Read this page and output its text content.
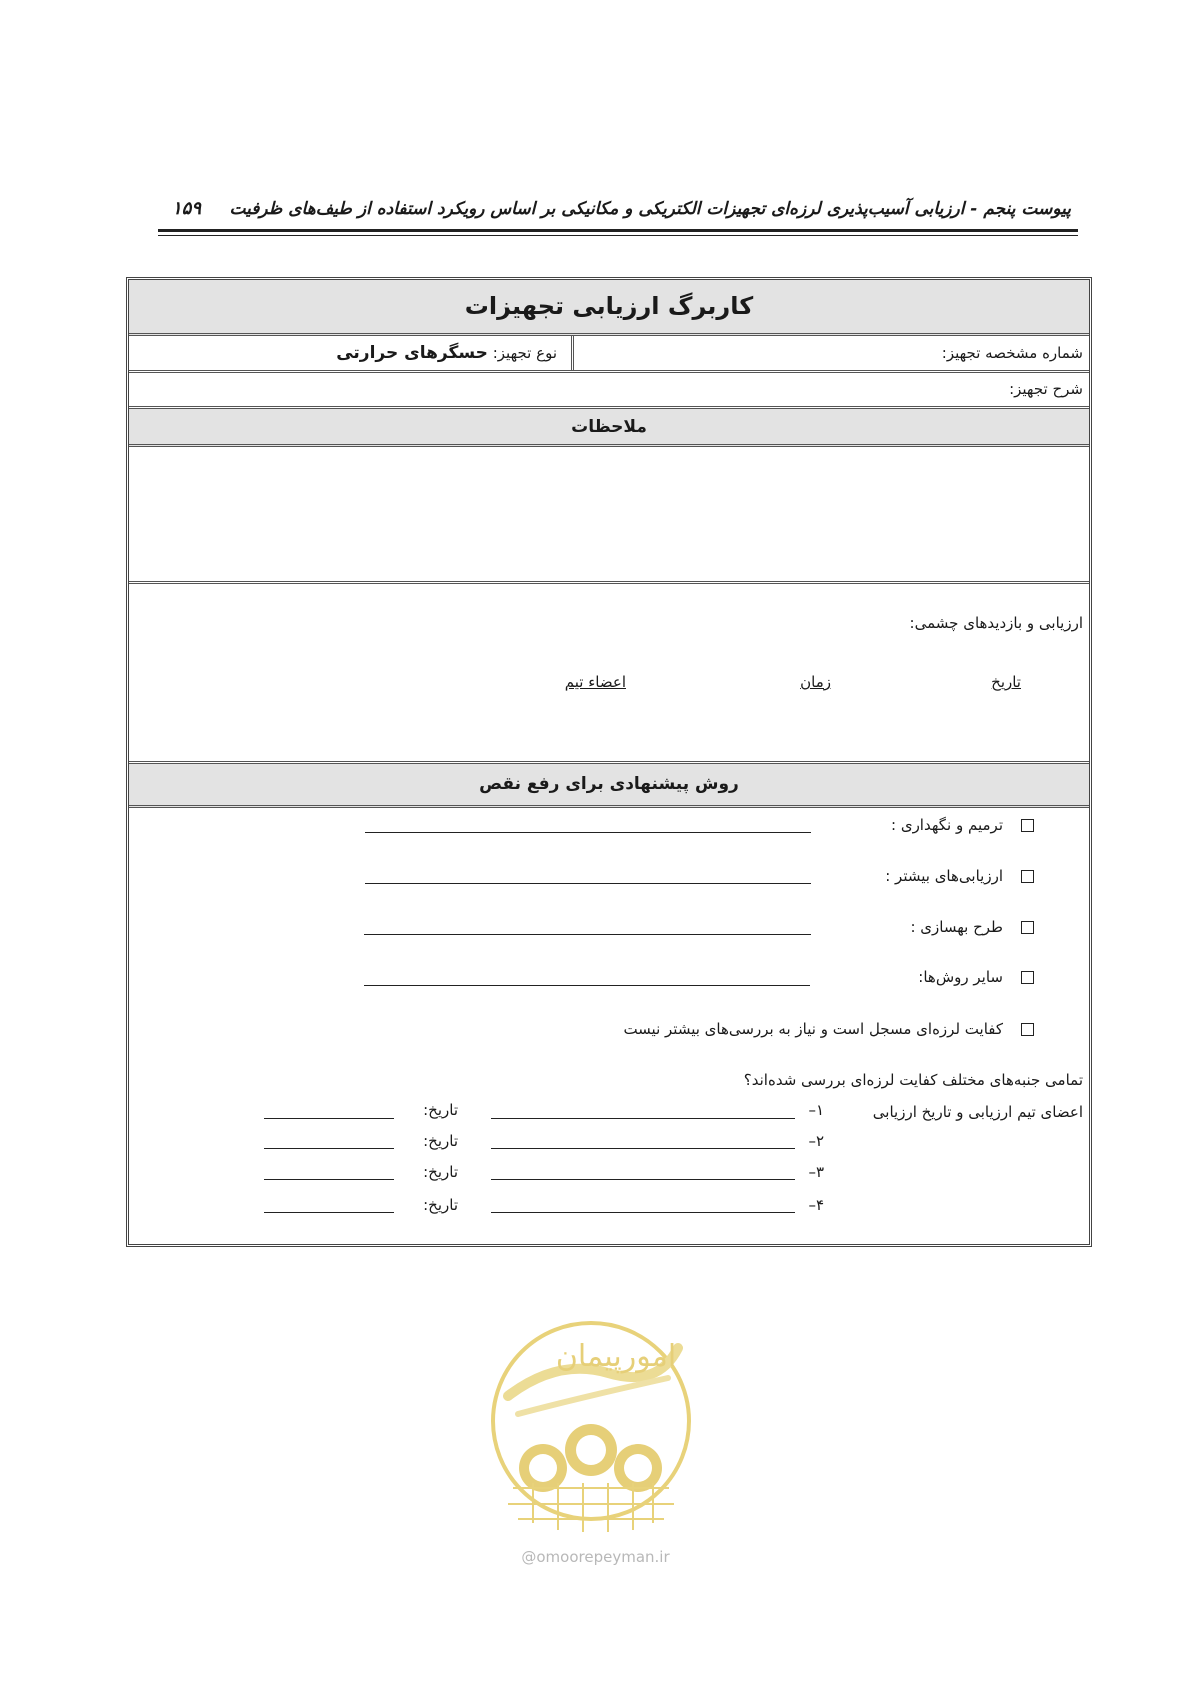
پیوست پنجم - ارزیابی آسیب‌پذیری لرزه‌ای تجهیزات الکتریکی و مکانیکی بر اساس رویکرد استفاده از طیف‌های ظرفیت
۱۵۹
کاربرگ ارزیابی تجهیزات
شماره مشخصه تجهیز:
نوع تجهیز: حسگرهای حرارتی
شرح تجهیز:
ملاحظات
ارزیابی و بازدیدهای چشمی:
تاریخ
زمان
اعضاء تیم
روش پیشنهادی برای رفع نقص
ترمیم و نگهداری :
ارزیابی‌های بیشتر :
طرح بهسازی :
سایر روش‌ها:
کفایت لرزه‌ای مسجل است و نیاز به بررسی‌های بیشتر نیست
تمامی جنبه‌های مختلف کفایت لرزه‌ای بررسی شده‌اند؟
اعضای تیم ارزیابی و تاریخ ارزیابی
۱–
تاریخ:
۲–
تاریخ:
۳–
تاریخ:
۴–
تاریخ:
امورپیمان
@omoorepeyman.ir
